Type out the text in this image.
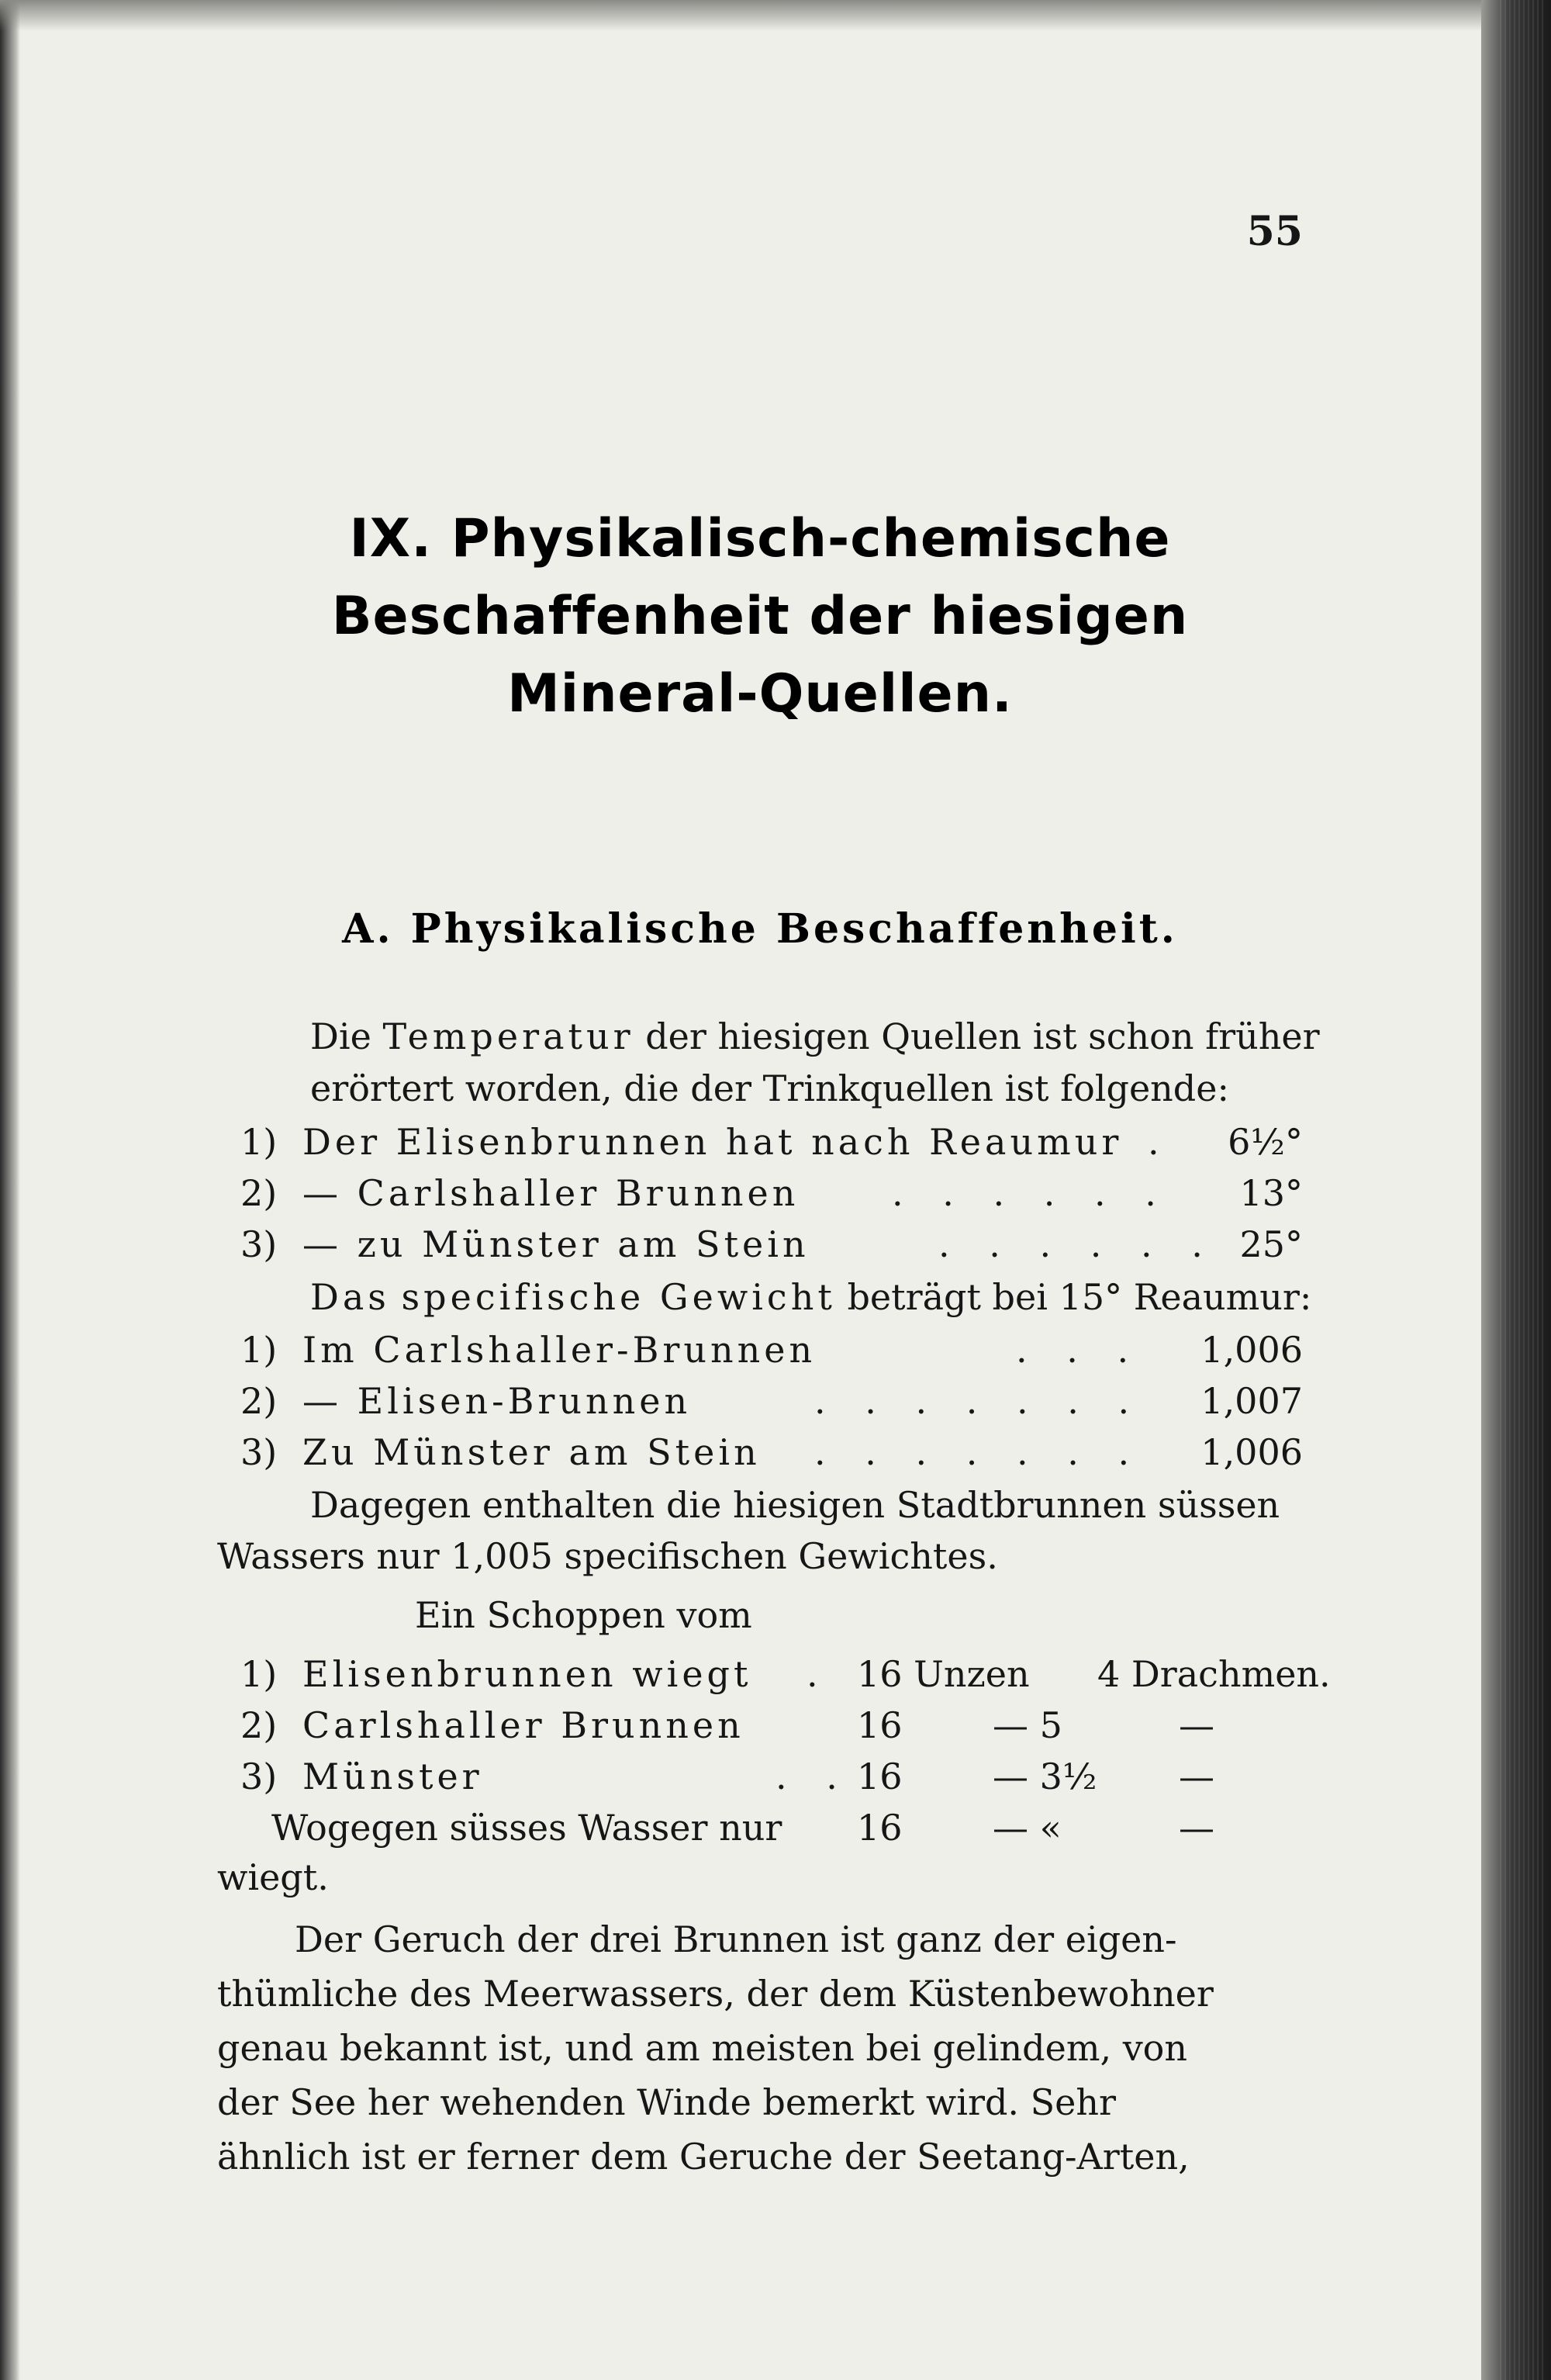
55
IX. Physikalisch-chemische
Beschaffenheit der hiesigen
Mineral-Quellen.
A. Physikalische Beschaffenheit.
Die Temperatur der hiesigen Quellen ist schon früher
erörtert worden, die der Trinkquellen ist folgende:
1) Der Elisenbrunnen hat nach Reaumur . 6½°
2) — Carlshaller Brunnen	. . . . . . 13°
3) — zu Münster am Stein	. . . . . . 25°
Das specifische Gewicht beträgt bei 15° Reaumur:
1) Im Carlshaller-Brunnen	. . . 1,006
2) — Elisen-Brunnen	. . . . . . . 1,007
3) Zu Münster am Stein . . . . . . . 1,006
Dagegen enthalten die hiesigen Stadtbrunnen süssen
Wassers nur 1,005 specifischen Gewichtes.
Ein Schoppen vom
1) Elisenbrunnen wiegt . 16 Unzen 4 Drachmen.
2) Carlshaller Brunnen	16	— 5	—
3) Münster	. . 16	— 3½ —
Wogegen süsses Wasser nur 16	— «	—
wiegt.
Der Geruch der drei Brunnen ist ganz der eigen-
thümliche des Meerwassers, der dem Küstenbewohner
genau bekannt ist, und am meisten bei gelindem, von
der See her wehenden Winde bemerkt wird. Sehr
ähnlich ist er ferner dem Geruche der Seetang-Arten,
